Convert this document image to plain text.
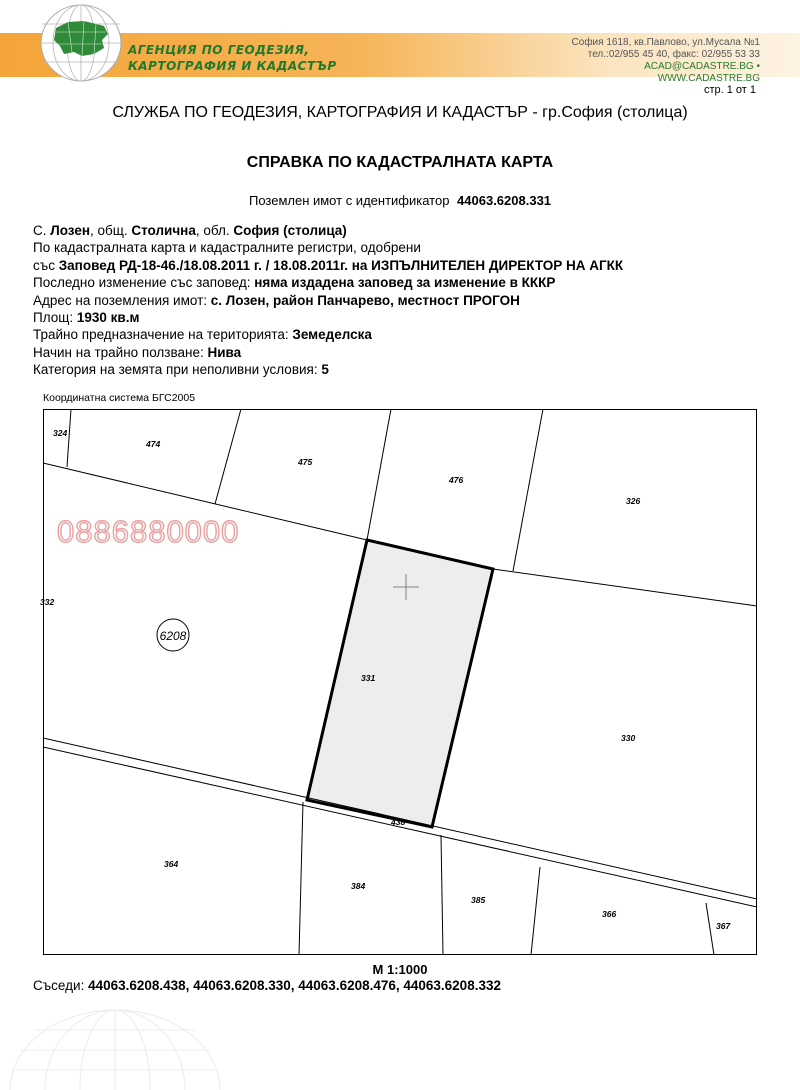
АГЕНЦИЯ ПО ГЕОДЕЗИЯ,
КАРТОГРАФИЯ И КАДАСТЪР
София 1618, кв.Павлово, ул.Мусала №1
тел.:02/955 45 40, факс: 02/955 53 33
ACAD@CADASTRE.BG • WWW.CADASTRE.BG
стр. 1 от 1
СЛУЖБА ПО ГЕОДЕЗИЯ, КАРТОГРАФИЯ И КАДАСТЪР - гр.София (столица)
СПРАВКА ПО КАДАСТРАЛНАТА КАРТА
Поземлен имот с идентификатор 44063.6208.331
С. Лозен, общ. Столична, обл. София (столица)
По кадастралната карта и кадастралните регистри, одобрени
със Заповед РД-18-46./18.08.2011 г. / 18.08.2011г. на ИЗПЪЛНИТЕЛЕН ДИРЕКТОР НА АГКК
Последно изменение със заповед: няма издадена заповед за изменение в КККР
Адрес на поземления имот: с. Лозен, район Панчарево, местност ПРОГОН
Площ: 1930 кв.м
Трайно предназначение на територията: Земеделска
Начин на трайно ползване: Нива
Категория на земята при неполивни условия: 5
Координатна система БГС2005
0886880000
6208
324
474
475
476
326
332
331
330
438
364
384
385
366
367
М 1:1000
Съседи: 44063.6208.438, 44063.6208.330, 44063.6208.476, 44063.6208.332
